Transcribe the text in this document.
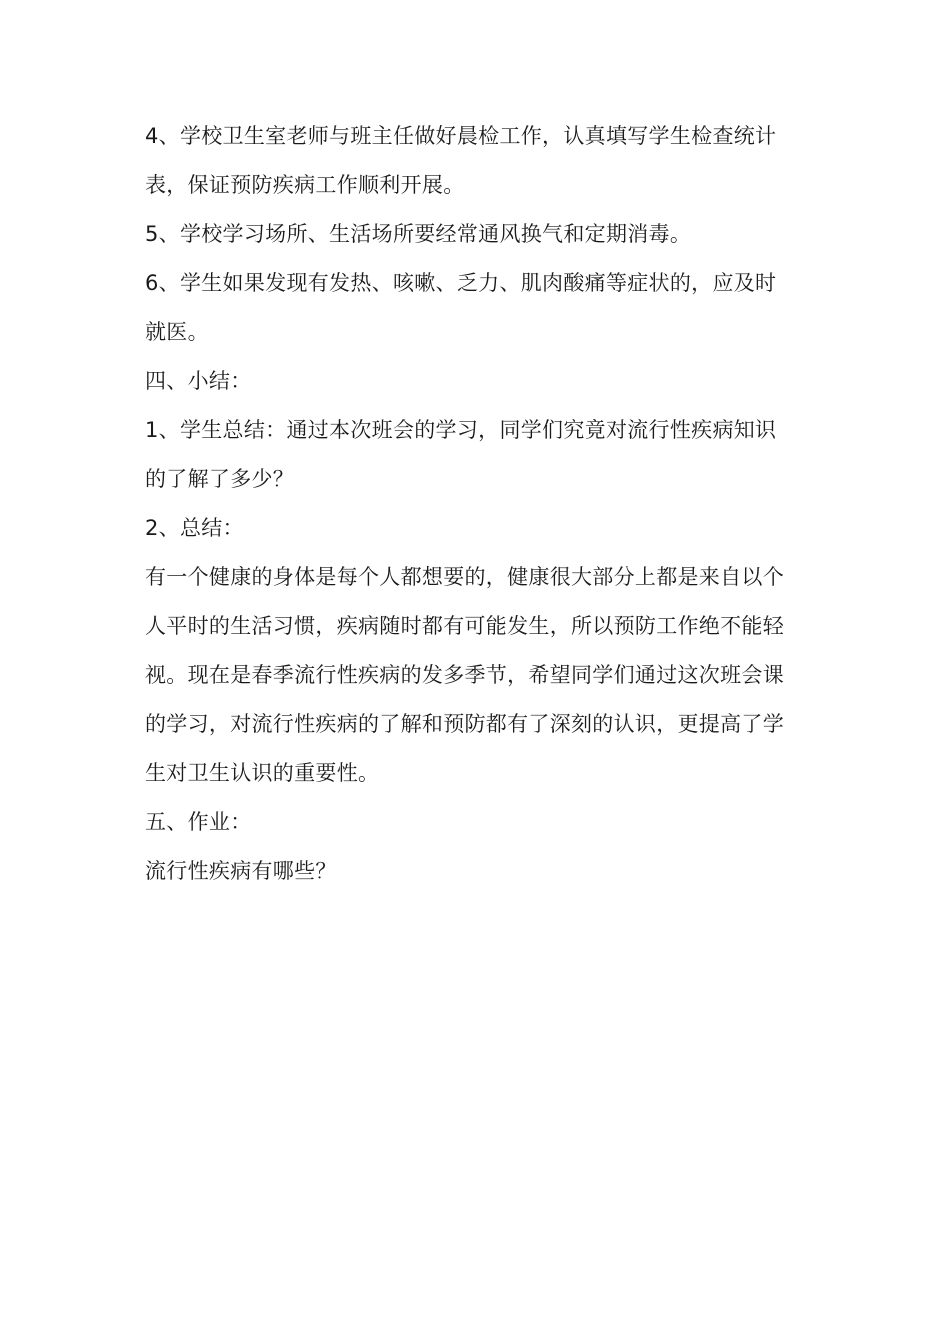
4、学校卫生室老师与班主任做好晨检工作，认真填写学生检查统计
表，保证预防疾病工作顺利开展。
5、学校学习场所、生活场所要经常通风换气和定期消毒。
6、学生如果发现有发热、咳嗽、乏力、肌肉酸痛等症状的，应及时
就医。
四、小结：
1、学生总结：通过本次班会的学习，同学们究竟对流行性疾病知识
的了解了多少？
2、总结：
有一个健康的身体是每个人都想要的，健康很大部分上都是来自以个
人平时的生活习惯，疾病随时都有可能发生，所以预防工作绝不能轻
视。现在是春季流行性疾病的发多季节，希望同学们通过这次班会课
的学习，对流行性疾病的了解和预防都有了深刻的认识，更提高了学
生对卫生认识的重要性。
五、作业：
流行性疾病有哪些？
